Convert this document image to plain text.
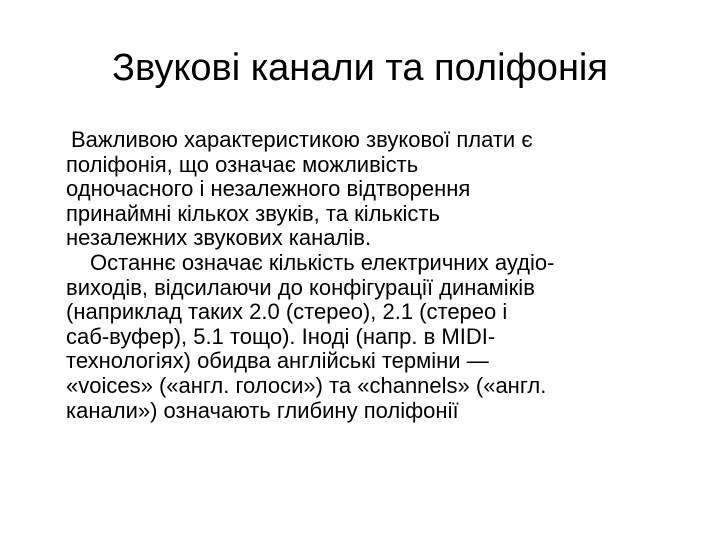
Звукові канали та поліфонія

Важливою характеристикою звукової плати є
поліфонія, що означає можливість
одночасного і незалежного відтворення
принаймні кількох звуків, та кількість
незалежних звукових каналів.

Останнє означає кількість електричних аудіо-
виходів, відсилаючи до конфігурації динаміків
(наприклад таких 2.0 (стерео), 2.1 (стерео і
саб-вуфер), 5.1 тощо). Іноді (напр. в MIDI-
технологіях) обидва англійські терміни —
«voices» («англ. голоси») та «channels» («англ.
канали») означають глибину поліфонії
